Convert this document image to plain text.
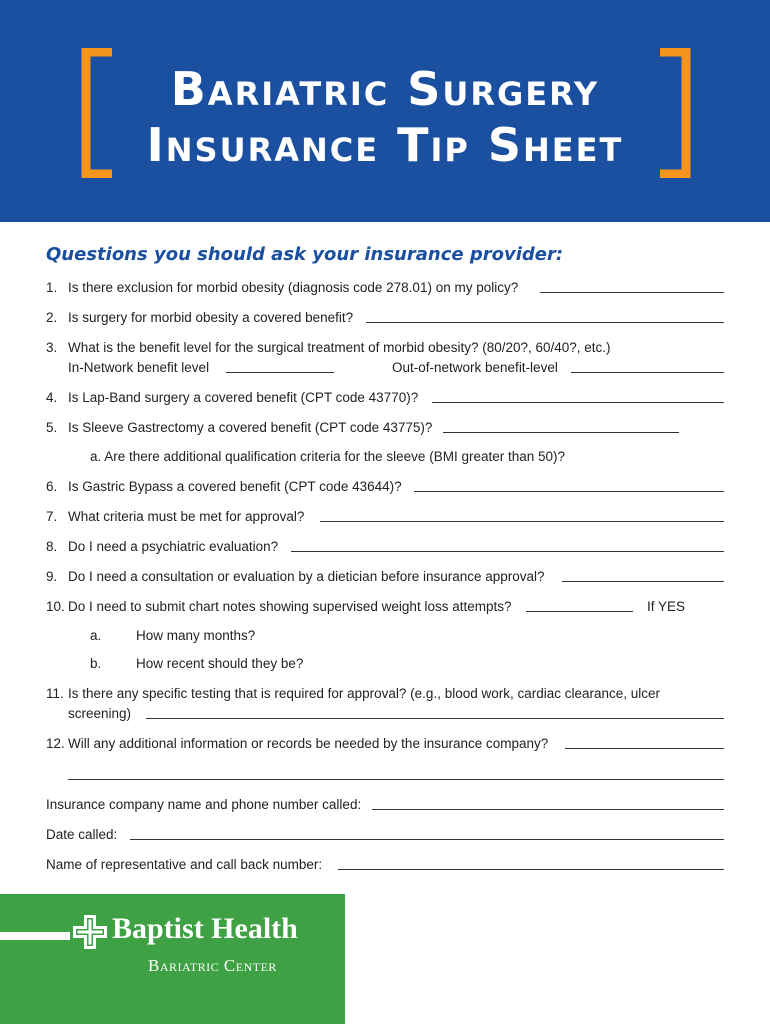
Bariatric Surgery
Insurance Tip Sheet
Questions you should ask your insurance provider:
1. Is there exclusion for morbid obesity (diagnosis code 278.01) on my policy?
2. Is surgery for morbid obesity a covered benefit?
3. What is the benefit level for the surgical treatment of morbid obesity? (80/20?, 60/40?, etc.)
In-Network benefit level	Out-of-network benefit-level
4. Is Lap-Band surgery a covered benefit (CPT code 43770)?
5. Is Sleeve Gastrectomy a covered benefit (CPT code 43775)?
a. Are there additional qualification criteria for the sleeve (BMI greater than 50)?
6. Is Gastric Bypass a covered benefit (CPT code 43644)?
7. What criteria must be met for approval?
8. Do I need a psychiatric evaluation?
9. Do I need a consultation or evaluation by a dietician before insurance approval?
10. Do I need to submit chart notes showing supervised weight loss attempts?	If YES
a.	How many months?
b.	How recent should they be?
11. Is there any specific testing that is required for approval? (e.g., blood work, cardiac clearance, ulcer
screening)
12. Will any additional information or records be needed by the insurance company?
Insurance company name and phone number called:
Date called:
Name of representative and call back number:
Baptist Health
Bariatric Center
